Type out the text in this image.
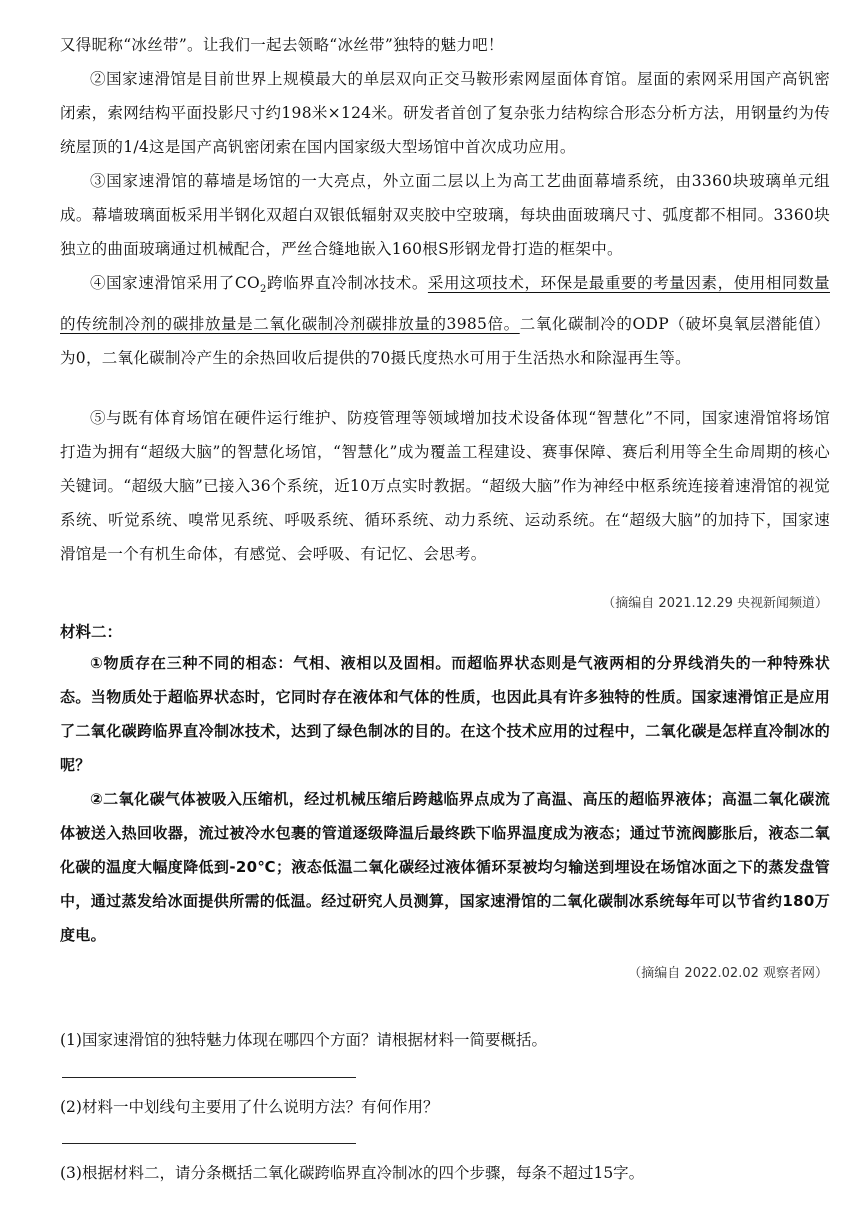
又得昵称“冰丝带”。让我们一起去领略“冰丝带”独特的魅力吧！

②国家速滑馆是目前世界上规模最大的单层双向正交马鞍形索网屋面体育馆。屋面的索网采用国产高钒密闭索，索网结构平面投影尺寸约198米×124米。研发者首创了复杂张力结构综合形态分析方法，用钢量约为传统屋顶的1/4这是国产高钒密闭索在国内国家级大型场馆中首次成功应用。

③国家速滑馆的幕墙是场馆的一大亮点，外立面二层以上为高工艺曲面幕墙系统，由3360块玻璃单元组成。幕墙玻璃面板采用半钢化双超白双银低辐射双夹胶中空玻璃，每块曲面玻璃尺寸、弧度都不相同。3360块独立的曲面玻璃通过机械配合，严丝合缝地嵌入160根S形钢龙骨打造的框架中。

④国家速滑馆采用了$CO_2$跨临界直冷制冰技术。采用这项技术，环保是最重要的考量因素，使用相同数量的传统制冷剂的碳排放量是二氧化碳制冷剂碳排放量的3985倍。二氧化碳制冷的ODP（破坏臭氧层潜能值）为0，二氧化碳制冷产生的余热回收后提供的70摄氏度热水可用于生活热水和除湿再生等。

⑤与既有体育场馆在硬件运行维护、防疫管理等领域增加技术设备体现“智慧化”不同，国家速滑馆将场馆打造为拥有“超级大脑”的智慧化场馆，“智慧化”成为覆盖工程建设、赛事保障、赛后利用等全生命周期的核心关键词。“超级大脑”已接入36个系统，近10万点实时教据。“超级大脑”作为神经中枢系统连接着速滑馆的视觉系统、听觉系统、嗅常见系统、呼吸系统、循环系统、动力系统、运动系统。在“超级大脑”的加持下，国家速滑馆是一个有机生命体，有感觉、会呼吸、有记忆、会思考。

（摘编自 2021.12.29 央视新闻频道）
材料二：

①物质存在三种不同的相态：气相、液相以及固相。而超临界状态则是气液两相的分界线消失的一种特殊状态。当物质处于超临界状态时，它同时存在液体和气体的性质，也因此具有许多独特的性质。国家速滑馆正是应用了二氧化碳跨临界直冷制冰技术，达到了绿色制冰的目的。在这个技术应用的过程中，二氧化碳是怎样直冷制冰的呢？

②二氧化碳气体被吸入压缩机，经过机械压缩后跨越临界点成为了高温、高压的超临界液体；高温二氧化碳流体被送入热回收器，流过被冷水包裹的管道逐级降温后最终跌下临界温度成为液态；通过节流阀膨胀后，液态二氧化碳的温度大幅度降低到-20℃；液态低温二氧化碳经过液体循环泵被均匀输送到埋设在场馆冰面之下的蒸发盘管中，通过蒸发给冰面提供所需的低温。经过研究人员测算，国家速滑馆的二氧化碳制冰系统每年可以节省约180万度电。

（摘编自 2022.02.02 观察者网）
(1)国家速滑馆的独特魅力体现在哪四个方面？请根据材料一简要概括。
(2)材料一中划线句主要用了什么说明方法？有何作用？
(3)根据材料二，请分条概括二氧化碳跨临界直冷制冰的四个步骤，每条不超过15字。
